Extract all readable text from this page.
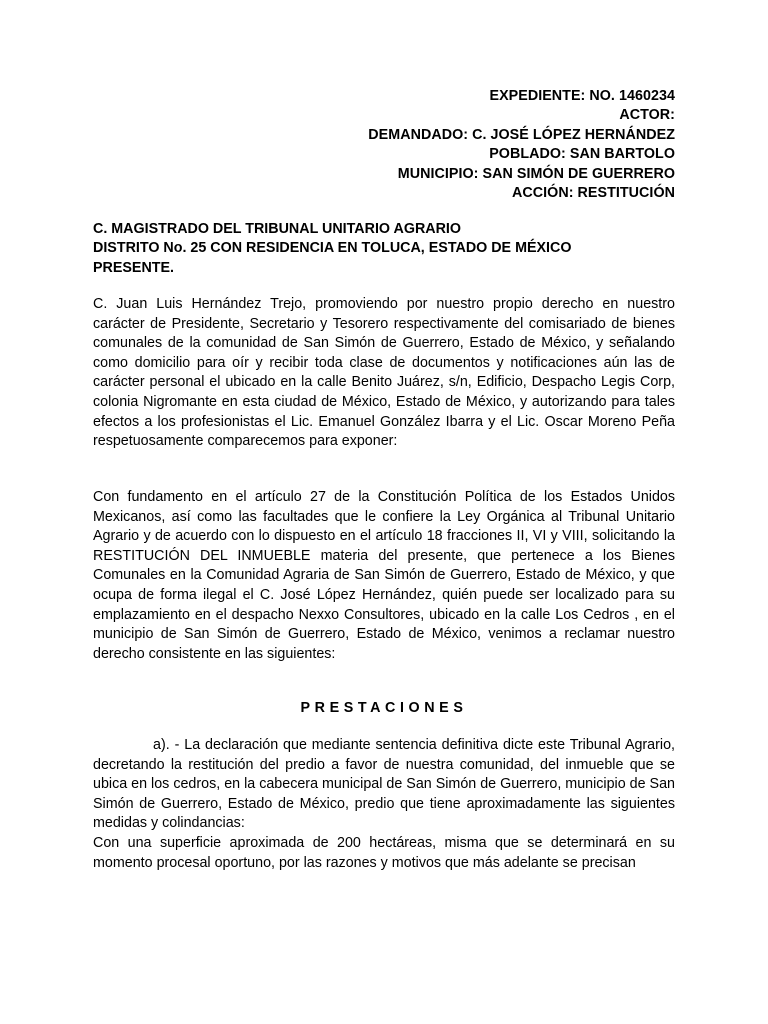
EXPEDIENTE: NO. 1460234
ACTOR:
DEMANDADO: C. JOSÉ LÓPEZ HERNÁNDEZ
POBLADO: SAN BARTOLO
MUNICIPIO: SAN SIMÓN DE GUERRERO
ACCIÓN: RESTITUCIÓN
C. MAGISTRADO DEL TRIBUNAL UNITARIO AGRARIO
DISTRITO No. 25 CON RESIDENCIA EN TOLUCA, ESTADO DE MÉXICO
PRESENTE.

C. Juan Luis Hernández Trejo, promoviendo por nuestro propio derecho en nuestro carácter de Presidente, Secretario y Tesorero respectivamente del comisariado de bienes comunales de la comunidad de San Simón de Guerrero, Estado de México, y señalando como domicilio para oír y recibir toda clase de documentos y notificaciones aún las de carácter personal el ubicado en la calle Benito Juárez, s/n, Edificio, Despacho Legis Corp, colonia Nigromante en esta ciudad de México, Estado de México, y autorizando para tales efectos a los profesionistas el Lic. Emanuel González Ibarra y el Lic. Oscar Moreno Peña respetuosamente comparecemos para exponer:

Con fundamento en el artículo 27 de la Constitución Política de los Estados Unidos Mexicanos, así como las facultades que le confiere la Ley Orgánica al Tribunal Unitario Agrario y de acuerdo con lo dispuesto en el artículo 18 fracciones II, VI y VIII, solicitando la RESTITUCIÓN DEL INMUEBLE materia del presente, que pertenece a los Bienes Comunales en la Comunidad Agraria de San Simón de Guerrero, Estado de México, y que ocupa de forma ilegal el C. José López Hernández, quién puede ser localizado para su emplazamiento en el despacho Nexxo Consultores, ubicado en la calle Los Cedros , en el municipio de San Simón de Guerrero, Estado de México, venimos a reclamar nuestro derecho consistente en las siguientes:

PRESTACIONES

a). - La declaración que mediante sentencia definitiva dicte este Tribunal Agrario, decretando la restitución del predio a favor de nuestra comunidad, del inmueble que se ubica en los cedros, en la cabecera municipal de San Simón de Guerrero, municipio de San Simón de Guerrero, Estado de México, predio que tiene aproximadamente las siguientes medidas y colindancias:

Con una superficie aproximada de 200 hectáreas, misma que se determinará en su momento procesal oportuno, por las razones y motivos que más adelante se precisan
